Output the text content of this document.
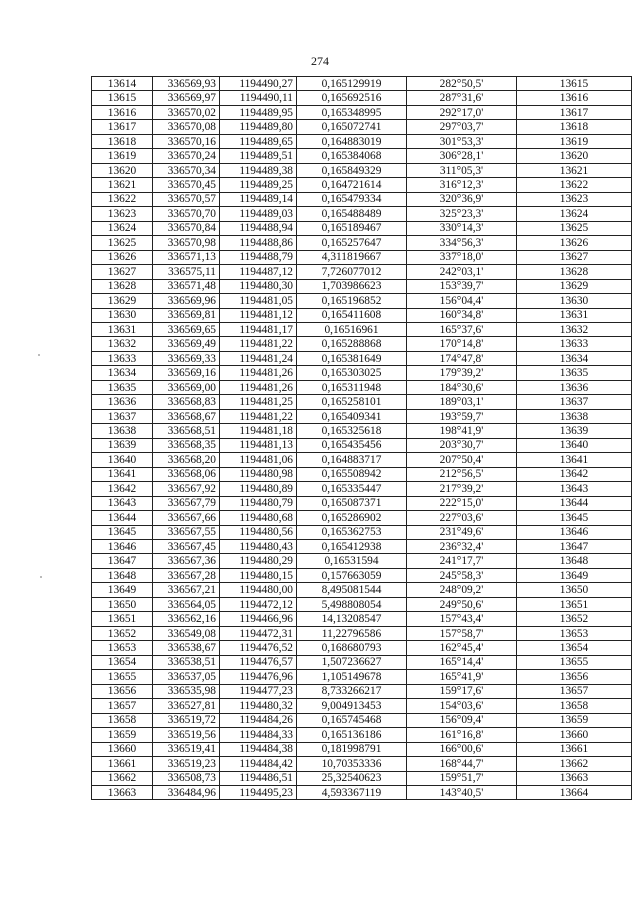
274
13614	336569,93	1194490,27	0,165129919	282°50,5'	13615
13615	336569,97	1194490,11	0,165692516	287°31,6'	13616
13616	336570,02	1194489,95	0,165348995	292°17,0'	13617
13617	336570,08	1194489,80	0,165072741	297°03,7'	13618
13618	336570,16	1194489,65	0,164883019	301°53,3'	13619
13619	336570,24	1194489,51	0,165384068	306°28,1'	13620
13620	336570,34	1194489,38	0,165849329	311°05,3'	13621
13621	336570,45	1194489,25	0,164721614	316°12,3'	13622
13622	336570,57	1194489,14	0,165479334	320°36,9'	13623
13623	336570,70	1194489,03	0,165488489	325°23,3'	13624
13624	336570,84	1194488,94	0,165189467	330°14,3'	13625
13625	336570,98	1194488,86	0,165257647	334°56,3'	13626
13626	336571,13	1194488,79	4,311819667	337°18,0'	13627
13627	336575,11	1194487,12	7,726077012	242°03,1'	13628
13628	336571,48	1194480,30	1,703986623	153°39,7'	13629
13629	336569,96	1194481,05	0,165196852	156°04,4'	13630
13630	336569,81	1194481,12	0,165411608	160°34,8'	13631
13631	336569,65	1194481,17	0,16516961	165°37,6'	13632
13632	336569,49	1194481,22	0,165288868	170°14,8'	13633
13633	336569,33	1194481,24	0,165381649	174°47,8'	13634
13634	336569,16	1194481,26	0,165303025	179°39,2'	13635
13635	336569,00	1194481,26	0,165311948	184°30,6'	13636
13636	336568,83	1194481,25	0,165258101	189°03,1'	13637
13637	336568,67	1194481,22	0,165409341	193°59,7'	13638
13638	336568,51	1194481,18	0,165325618	198°41,9'	13639
13639	336568,35	1194481,13	0,165435456	203°30,7'	13640
13640	336568,20	1194481,06	0,164883717	207°50,4'	13641
13641	336568,06	1194480,98	0,165508942	212°56,5'	13642
13642	336567,92	1194480,89	0,165335447	217°39,2'	13643
13643	336567,79	1194480,79	0,165087371	222°15,0'	13644
13644	336567,66	1194480,68	0,165286902	227°03,6'	13645
13645	336567,55	1194480,56	0,165362753	231°49,6'	13646
13646	336567,45	1194480,43	0,165412938	236°32,4'	13647
13647	336567,36	1194480,29	0,16531594	241°17,7'	13648
13648	336567,28	1194480,15	0,157663059	245°58,3'	13649
13649	336567,21	1194480,00	8,495081544	248°09,2'	13650
13650	336564,05	1194472,12	5,498808054	249°50,6'	13651
13651	336562,16	1194466,96	14,13208547	157°43,4'	13652
13652	336549,08	1194472,31	11,22796586	157°58,7'	13653
13653	336538,67	1194476,52	0,168680793	162°45,4'	13654
13654	336538,51	1194476,57	1,507236627	165°14,4'	13655
13655	336537,05	1194476,96	1,105149678	165°41,9'	13656
13656	336535,98	1194477,23	8,733266217	159°17,6'	13657
13657	336527,81	1194480,32	9,004913453	154°03,6'	13658
13658	336519,72	1194484,26	0,165745468	156°09,4'	13659
13659	336519,56	1194484,33	0,165136186	161°16,8'	13660
13660	336519,41	1194484,38	0,181998791	166°00,6'	13661
13661	336519,23	1194484,42	10,70353336	168°44,7'	13662
13662	336508,73	1194486,51	25,32540623	159°51,7'	13663
13663	336484,96	1194495,23	4,593367119	143°40,5'	13664
